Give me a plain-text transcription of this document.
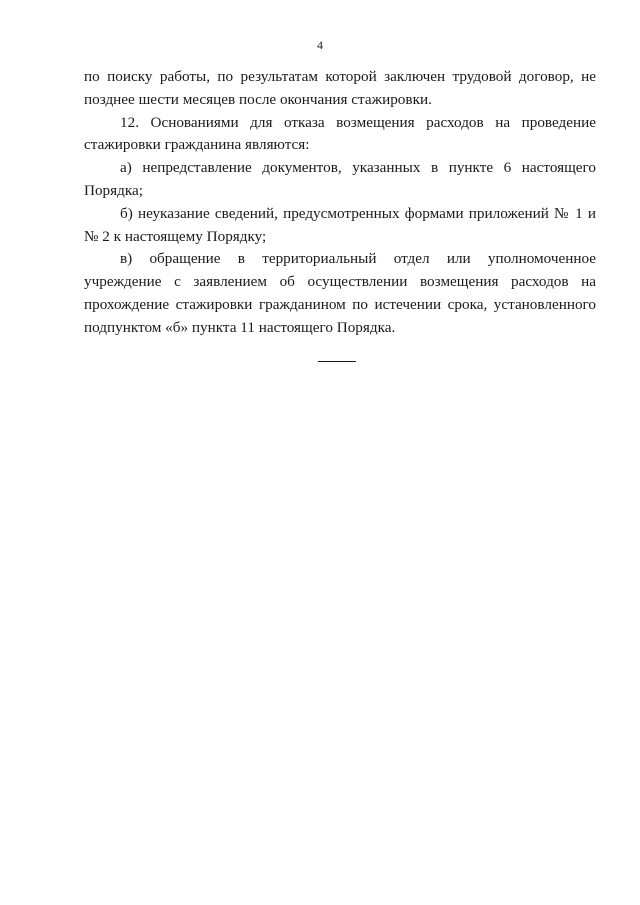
4

по поиску работы, по результатам которой заключен трудовой договор, не позднее шести месяцев после окончания стажировки.

12. Основаниями для отказа возмещения расходов на проведение стажировки гражданина являются:

а) непредставление документов, указанных в пункте 6 настоящего Порядка;

б) неуказание сведений, предусмотренных формами приложений № 1 и № 2 к настоящему Порядку;

в) обращение в территориальный отдел или уполномоченное учреждение с заявлением об осуществлении возмещения расходов на прохождение стажировки гражданином по истечении срока, установленного подпунктом «б» пункта 11 настоящего Порядка.
